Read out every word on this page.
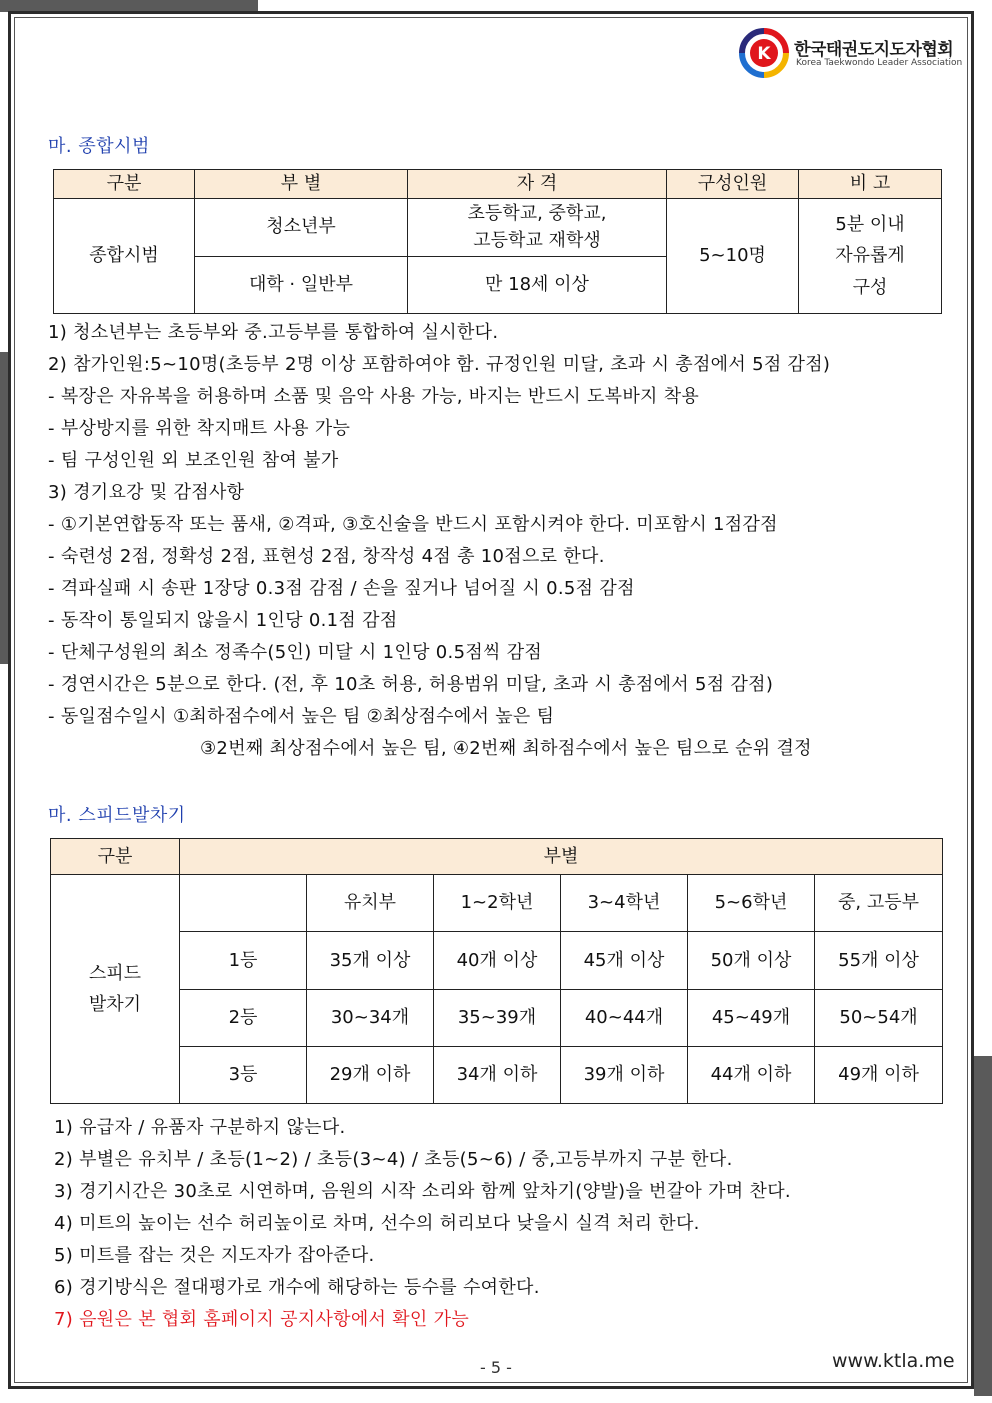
K 한국태권도지도자협회
Korea Taekwondo Leader Association
마. 종합시범
구분	부 별	자 격	구성인원	비 고
종합시범	청소년부	초등학교, 중학교,
고등학교 재학생	5~10명	5분 이내
자유롭게
구성
	대학 · 일반부	만 18세 이상		
1) 청소년부는 초등부와 중.고등부를 통합하여 실시한다.
2) 참가인원:5~10명(초등부 2명 이상 포함하여야 함. 규정인원 미달, 초과 시 총점에서 5점 감점)
- 복장은 자유복을 허용하며 소품 및 음악 사용 가능, 바지는 반드시 도복바지 착용
- 부상방지를 위한 착지매트 사용 가능
- 팀 구성인원 외 보조인원 참여 불가
3) 경기요강 및 감점사항
- ①기본연합동작 또는 품새, ②격파, ③호신술을 반드시 포함시켜야 한다. 미포함시 1점감점
- 숙련성 2점, 정확성 2점, 표현성 2점, 창작성 4점 총 10점으로 한다.
- 격파실패 시 송판 1장당 0.3점 감점 / 손을 짚거나 넘어질 시 0.5점 감점
- 동작이 통일되지 않을시 1인당 0.1점 감점
- 단체구성원의 최소 정족수(5인) 미달 시 1인당 0.5점씩 감점
- 경연시간은 5분으로 한다. (전, 후 10초 허용, 허용범위 미달, 초과 시 총점에서 5점 감점)
- 동일점수일시 ①최하점수에서 높은 팀 ②최상점수에서 높은 팀
③2번째 최상점수에서 높은 팀, ④2번째 최하점수에서 높은 팀으로 순위 결정
마. 스피드발차기
구분	부별					
스피드
발차기		유치부	1~2학년	3~4학년	5~6학년	중, 고등부
	1등	35개 이상	40개 이상	45개 이상	50개 이상	55개 이상
	2등	30~34개	35~39개	40~44개	45~49개	50~54개
	3등	29개 이하	34개 이하	39개 이하	44개 이하	49개 이하
1) 유급자 / 유품자 구분하지 않는다.
2) 부별은 유치부 / 초등(1~2) / 초등(3~4) / 초등(5~6) / 중,고등부까지 구분 한다.
3) 경기시간은 30초로 시연하며, 음원의 시작 소리와 함께 앞차기(양발)을 번갈아 가며 찬다.
4) 미트의 높이는 선수 허리높이로 차며, 선수의 허리보다 낮을시 실격 처리 한다.
5) 미트를 잡는 것은 지도자가 잡아준다.
6) 경기방식은 절대평가로 개수에 해당하는 등수를 수여한다.
7) 음원은 본 협회 홈페이지 공지사항에서 확인 가능
- 5 -	www.ktla.me
